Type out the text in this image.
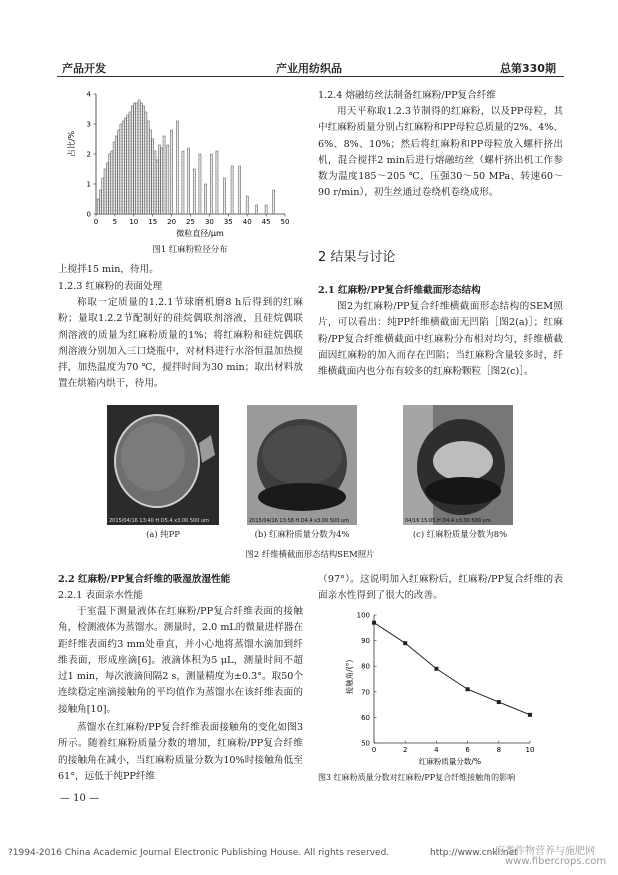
产品开发	产业用纺织品	总第330期
0 5 10 15 20 25 30 35 40 45 50
0
1
2
3
4
占比/%
微粒直径/μm
图1 红麻粉粒径分布
上搅拌15 min，待用。
1.2.3 红麻粉的表面处理
称取一定质量的1.2.1节球磨机磨8 h后得到的红麻粉；量取1.2.2节配制好的硅烷偶联剂溶液，且硅烷偶联剂溶液的质量为红麻粉质量的1%；将红麻粉和硅烷偶联剂溶液分别加入三口烧瓶中，对材料进行水浴恒温加热搅拌，加热温度为70 ℃，搅拌时间为30 min；取出材料放置在烘箱内烘干，待用。
1.2.4 熔融纺丝法制备红麻粉/PP复合纤维
用天平称取1.2.3节制得的红麻粉，以及PP母粒，其中红麻粉质量分别占红麻粉和PP母粒总质量的2%、4%、6%、8%、10%；然后将红麻粉和PP母粒放入螺杆挤出机，混合搅拌2 min后进行熔融纺丝（螺杆挤出机工作参数为温度185～205 ℃、压强30～50 MPa、转速60～90 r/min），初生丝通过卷绕机卷绕成形。
2 结果与讨论
2.1 红麻粉/PP复合纤维截面形态结构
图2为红麻粉/PP复合纤维横截面形态结构的SEM照片，可以看出：纯PP纤维横截面无凹陷［图2(a)］；红麻粉/PP复合纤维横截面中红麻粉分布相对均匀，纤维横截面因红麻粉的加入而存在凹陷；当红麻粉含量较多时，纤维横截面内也分布有较多的红麻粉颗粒［图2(c)］。
2015/04/16 13:40 H D5.4 x3.00 500 um	2015/04/16 13:58 H D4.4 x3.00 500 um	04/16 15:05 H D4.4 x3.00 500 um
(a) 纯PP	(b) 红麻粉质量分数为4%	(c) 红麻粉质量分数为8%
图2 纤维横截面形态结构SEM照片
2.2 红麻粉/PP复合纤维的吸湿放湿性能
2.2.1 表面亲水性能
于室温下测量液体在红麻粉/PP复合纤维表面的接触角，检测液体为蒸馏水。测量时，2.0 mL的微量进样器在距纤维表面约3 mm处垂直，并小心地将蒸馏水滴加到纤维表面，形成座滴[6]。液滴体积为5 μL，测量时间不超过1 min，每次液滴间隔2 s，测量精度为±0.3°。取50个连续稳定座滴接触角的平均值作为蒸馏水在该纤维表面的接触角[10]。
蒸馏水在红麻粉/PP复合纤维表面接触角的变化如图3所示。随着红麻粉质量分数的增加，红麻粉/PP复合纤维的接触角在减小，当红麻粉质量分数为10%时接触角低至61°，远低于纯PP纤维
（97°）。这说明加入红麻粉后，红麻粉/PP复合纤维的表面亲水性得到了很大的改善。
0	2	4	6	8	10
50
60
70
80
90
100
接触角/(°)
红麻粉质量分数/%
图3 红麻粉质量分数对红麻粉/PP复合纤维接触角的影响
— 10 —
?1994-2016 China Academic Journal Electronic Publishing House. All rights reserved.	http://www.cnki.net
麻类作物营养与施肥网
www.fibercrops.com
